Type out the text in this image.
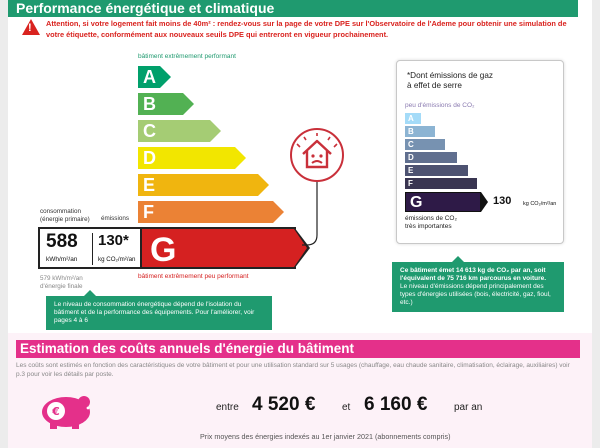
Performance énergétique et climatique
! Attention, si votre logement fait moins de 40m² : rendez-vous sur la page de votre DPE sur l'Observatoire de l'Ademe pour obtenir une simulation de votre étiquette, conformément aux nouveaux seuils DPE qui entreront en vigueur prochainement.
bâtiment extrêmement performant
A
B
C
D
E
F
consommation
(énergie primaire) émissions
588
kWh/m²/an
130*
kg CO₂/m²/an G
bâtiment extrêmement peu performant
579 kWh/m²/an
d'énergie finale
Le niveau de consommation énergétique dépend de l'isolation du bâtiment et de la performance des équipements. Pour l'améliorer, voir pages 4 à 6
*Dont émissions de gaz
à effet de serre
peu d'émissions de CO₂
A
B
C
D
E
F
G	130 kg CO₂/m²/an
émissions de CO₂
très importantes
Ce bâtiment émet 14 613 kg de CO₂ par an, soit l'équivalent de 75 716 km parcourus en voiture.
Le niveau d'émissions dépend principalement des types d'énergies utilisées (bois, électricité, gaz, fioul, etc.)
Estimation des coûts annuels d'énergie du bâtiment
Les coûts sont estimés en fonction des caractéristiques de votre bâtiment et pour une utilisation standard sur 5 usages (chauffage, eau chaude sanitaire, climatisation, éclairage, auxiliaires) voir p.3 pour voir les détails par poste.
€	entre 4 520 €	et 6 160 €	par an
Prix moyens des énergies indexés au 1er janvier 2021 (abonnements compris)
